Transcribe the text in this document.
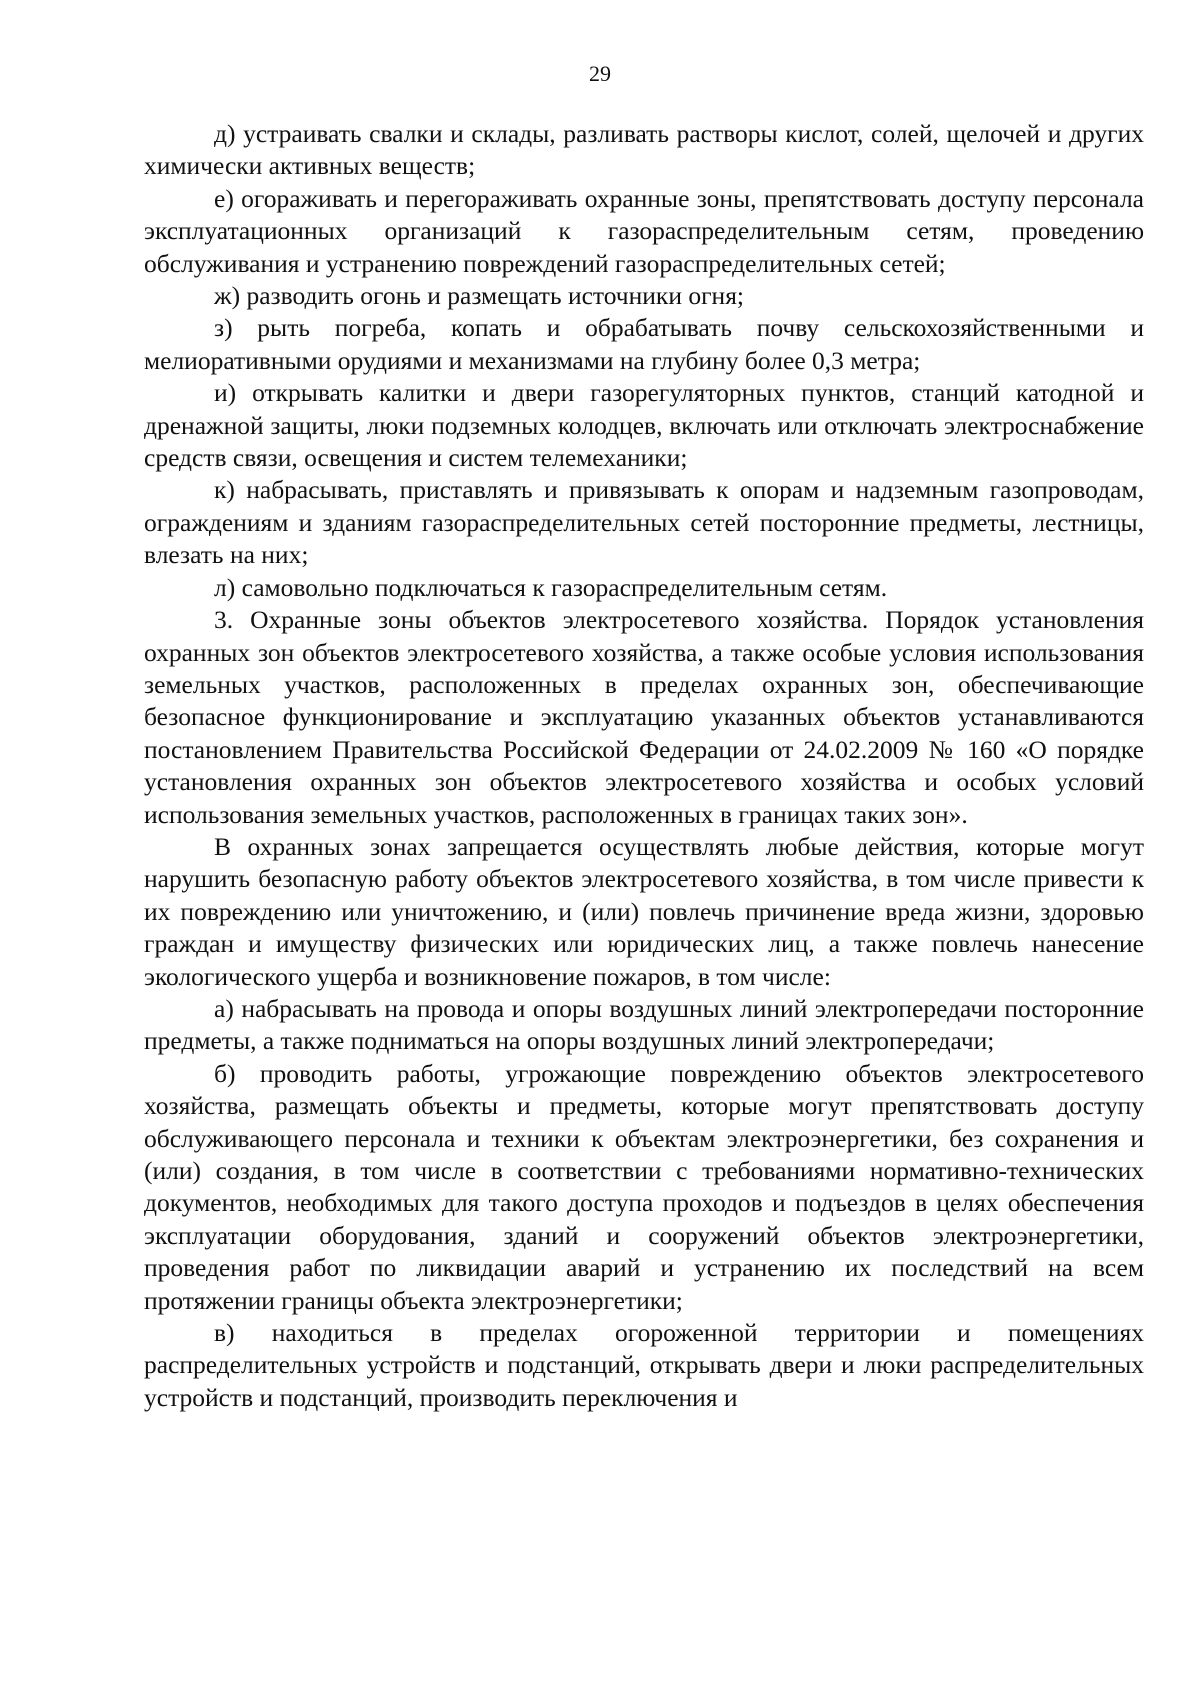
29

д) устраивать свалки и склады, разливать растворы кислот, солей, щелочей и других химически активных веществ;

е) огораживать и перегораживать охранные зоны, препятствовать доступу персонала эксплуатационных организаций к газораспределительным сетям, проведению обслуживания и устранению повреждений газораспределительных сетей;

ж) разводить огонь и размещать источники огня;

з) рыть погреба, копать и обрабатывать почву сельскохозяйственными и мелиоративными орудиями и механизмами на глубину более 0,3 метра;

и) открывать калитки и двери газорегуляторных пунктов, станций катодной и дренажной защиты, люки подземных колодцев, включать или отключать электроснабжение средств связи, освещения и систем телемеханики;

к) набрасывать, приставлять и привязывать к опорам и надземным газопроводам, ограждениям и зданиям газораспределительных сетей посторонние предметы, лестницы, влезать на них;

л) самовольно подключаться к газораспределительным сетям.

3. Охранные зоны объектов электросетевого хозяйства. Порядок установления охранных зон объектов электросетевого хозяйства, а также особые условия использования земельных участков, расположенных в пределах охранных зон, обеспечивающие безопасное функционирование и эксплуатацию указанных объектов устанавливаются постановлением Правительства Российской Федерации от 24.02.2009 № 160 «О порядке установления охранных зон объектов электросетевого хозяйства и особых условий использования земельных участков, расположенных в границах таких зон».

В охранных зонах запрещается осуществлять любые действия, которые могут нарушить безопасную работу объектов электросетевого хозяйства, в том числе привести к их повреждению или уничтожению, и (или) повлечь причинение вреда жизни, здоровью граждан и имуществу физических или юридических лиц, а также повлечь нанесение экологического ущерба и возникновение пожаров, в том числе:

а) набрасывать на провода и опоры воздушных линий электропередачи посторонние предметы, а также подниматься на опоры воздушных линий электропередачи;

б) проводить работы, угрожающие повреждению объектов электросетевого хозяйства, размещать объекты и предметы, которые могут препятствовать доступу обслуживающего персонала и техники к объектам электроэнергетики, без сохранения и (или) создания, в том числе в соответствии с требованиями нормативно-технических документов, необходимых для такого доступа проходов и подъездов в целях обеспечения эксплуатации оборудования, зданий и сооружений объектов электроэнергетики, проведения работ по ликвидации аварий и устранению их последствий на всем протяжении границы объекта электроэнергетики;

в) находиться в пределах огороженной территории и помещениях распределительных устройств и подстанций, открывать двери и люки распределительных устройств и подстанций, производить переключения и
